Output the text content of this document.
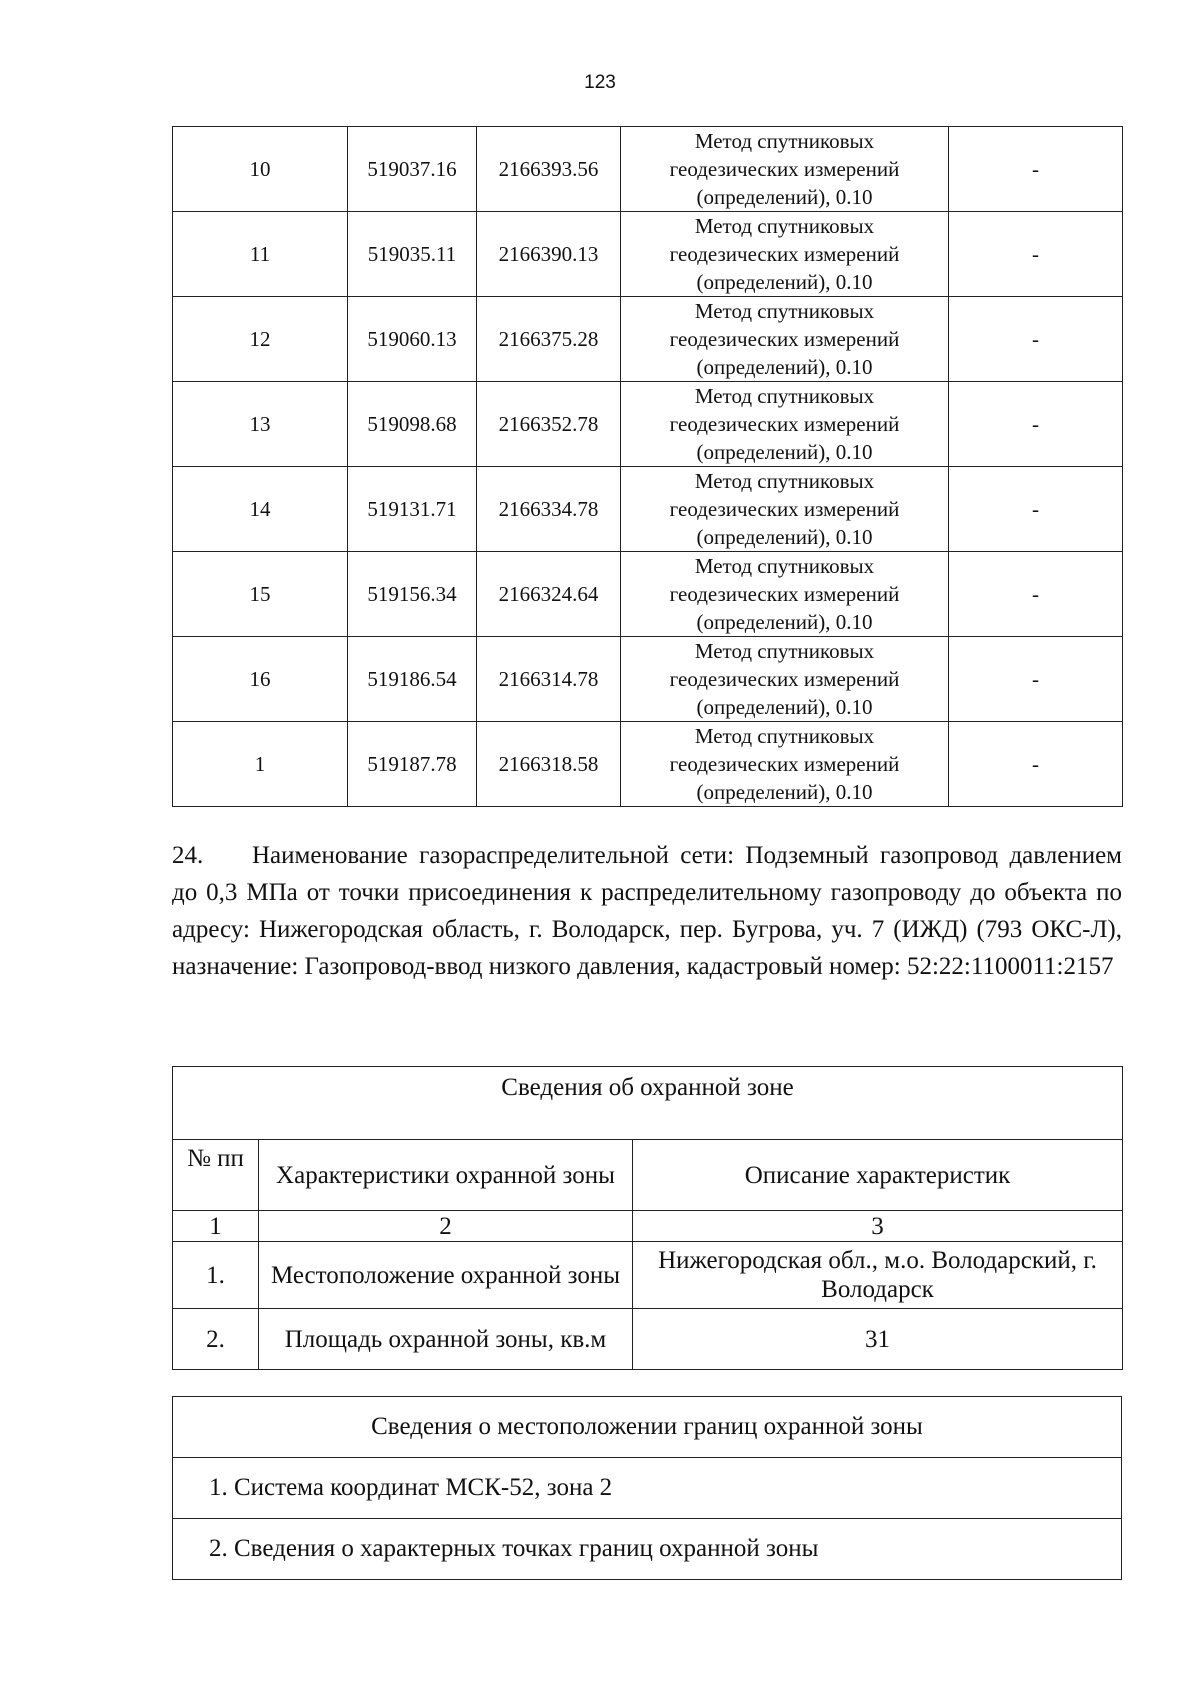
123
10	519037.16	2166393.56	Метод спутниковых
геодезических измерений
(определений), 0.10	-
11	519035.11	2166390.13	Метод спутниковых
геодезических измерений
(определений), 0.10	-
12	519060.13	2166375.28	Метод спутниковых
геодезических измерений
(определений), 0.10	-
13	519098.68	2166352.78	Метод спутниковых
геодезических измерений
(определений), 0.10	-
14	519131.71	2166334.78	Метод спутниковых
геодезических измерений
(определений), 0.10	-
15	519156.34	2166324.64	Метод спутниковых
геодезических измерений
(определений), 0.10	-
16	519186.54	2166314.78	Метод спутниковых
геодезических измерений
(определений), 0.10	-
1	519187.78	2166318.58	Метод спутниковых
геодезических измерений
(определений), 0.10	-

24. Наименование газораспределительной сети: Подземный газопровод давлением до 0,3 МПа от точки присоединения к распределительному газопроводу до объекта по адресу: Нижегородская область, г. Володарск, пер. Бугрова, уч. 7 (ИЖД) (793 ОКС-Л), назначение: Газопровод-ввод низкого давления, кадастровый номер: 52:22:1100011:2157

Сведения об охранной зоне		
№ пп	Характеристики охранной зоны	Описание характеристик
1	2	3
1.	Местоположение охранной зоны	Нижегородская обл., м.о. Володарский, г. Володарск
2.	Площадь охранной зоны, кв.м	31
Сведения о местоположении границ охранной зоны
1. Система координат МСК-52, зона 2
2. Сведения о характерных точках границ охранной зоны
